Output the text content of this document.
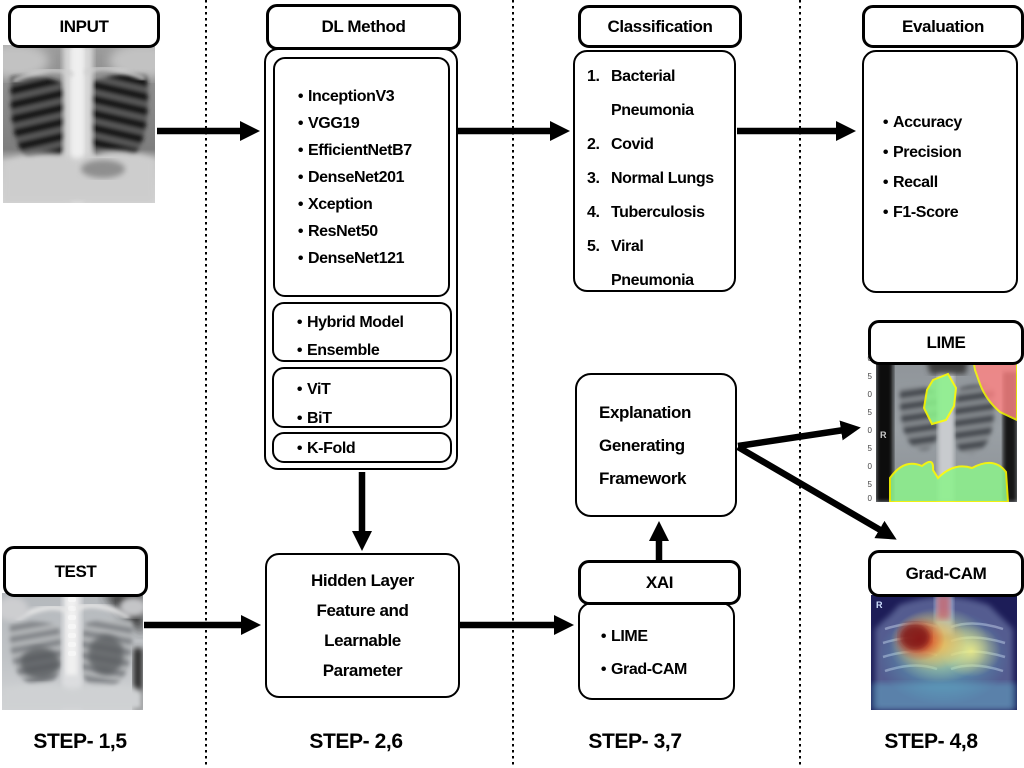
INPUT
TEST
DL Method
• InceptionV3
• VGG19
• EfficientNetB7
• DenseNet201
• Xception
• ResNet50
• DenseNet121
• Hybrid Model
• Ensemble
• ViT
• BiT
• K-Fold
Hidden Layer
Feature and
Learnable
Parameter
Classification
1. Bacterial Pneumonia
2. Covid
3. Normal Lungs
4. Tuberculosis
5. Viral Pneumonia
Explanation
Generating
Framework
XAI
• LIME
• Grad-CAM
Evaluation
• Accuracy
• Precision
• Recall
• F1-Score
LIME
5
0
5
0
5
0
5
0
R
Grad-CAM
R
STEP- 1,5	STEP- 2,6	STEP- 3,7	STEP- 4,8
